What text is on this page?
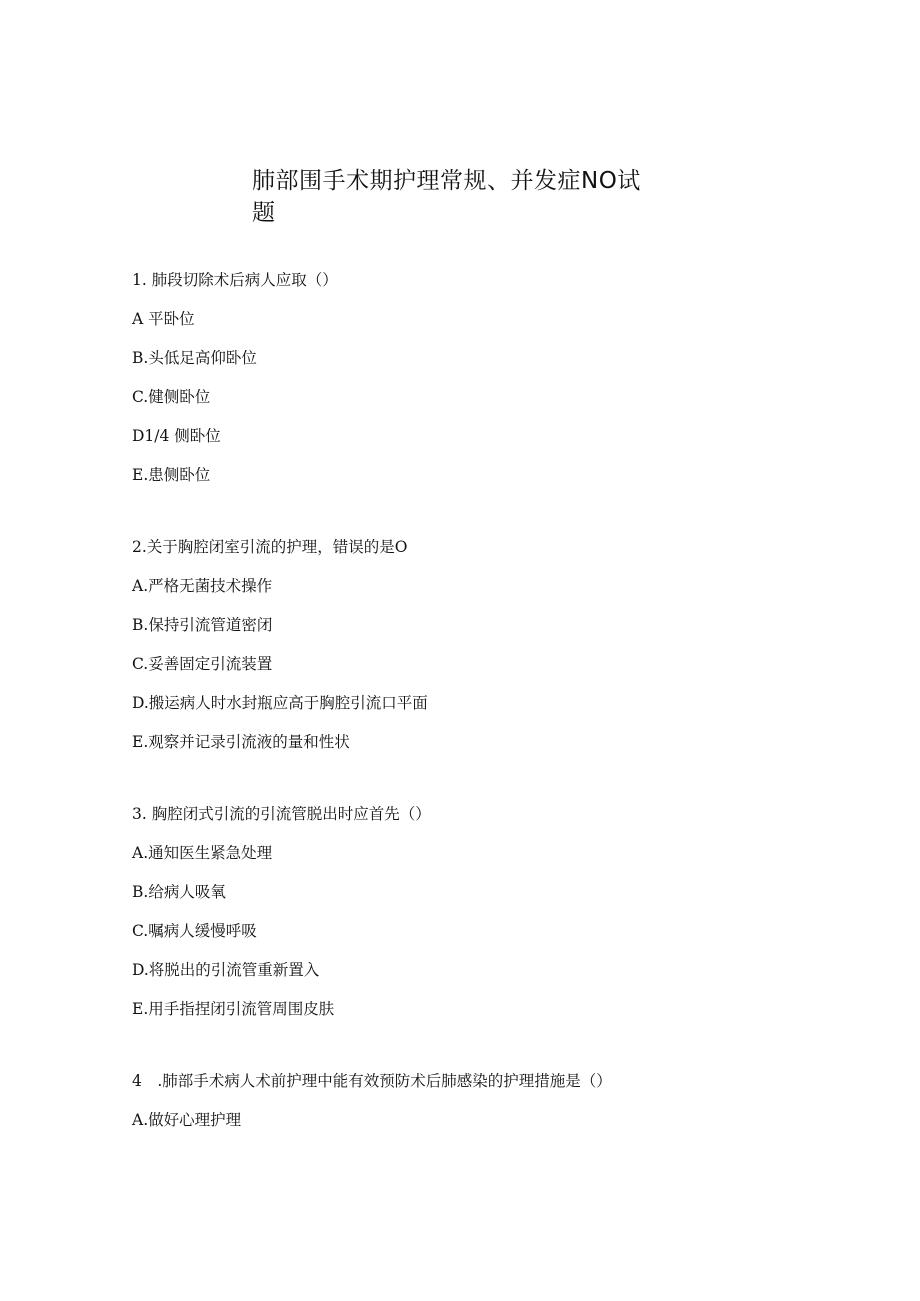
肺部围手术期护理常规、并发症NO试题

1. 肺段切除术后病人应取（）

A 平卧位

B.头低足高仰卧位

C.健侧卧位

D1/4 侧卧位

E.患侧卧位

2.关于胸腔闭室引流的护理，错误的是O

A.严格无菌技术操作

B.保持引流管道密闭

C.妥善固定引流装置

D.搬运病人时水封瓶应高于胸腔引流口平面

E.观察并记录引流液的量和性状

3. 胸腔闭式引流的引流管脱出时应首先（）

A.通知医生紧急处理

B.给病人吸氧

C.嘱病人缓慢呼吸

D.将脱出的引流管重新置入

E.用手指捏闭引流管周围皮肤

4　.肺部手术病人术前护理中能有效预防术后肺感染的护理措施是（）

A.做好心理护理
